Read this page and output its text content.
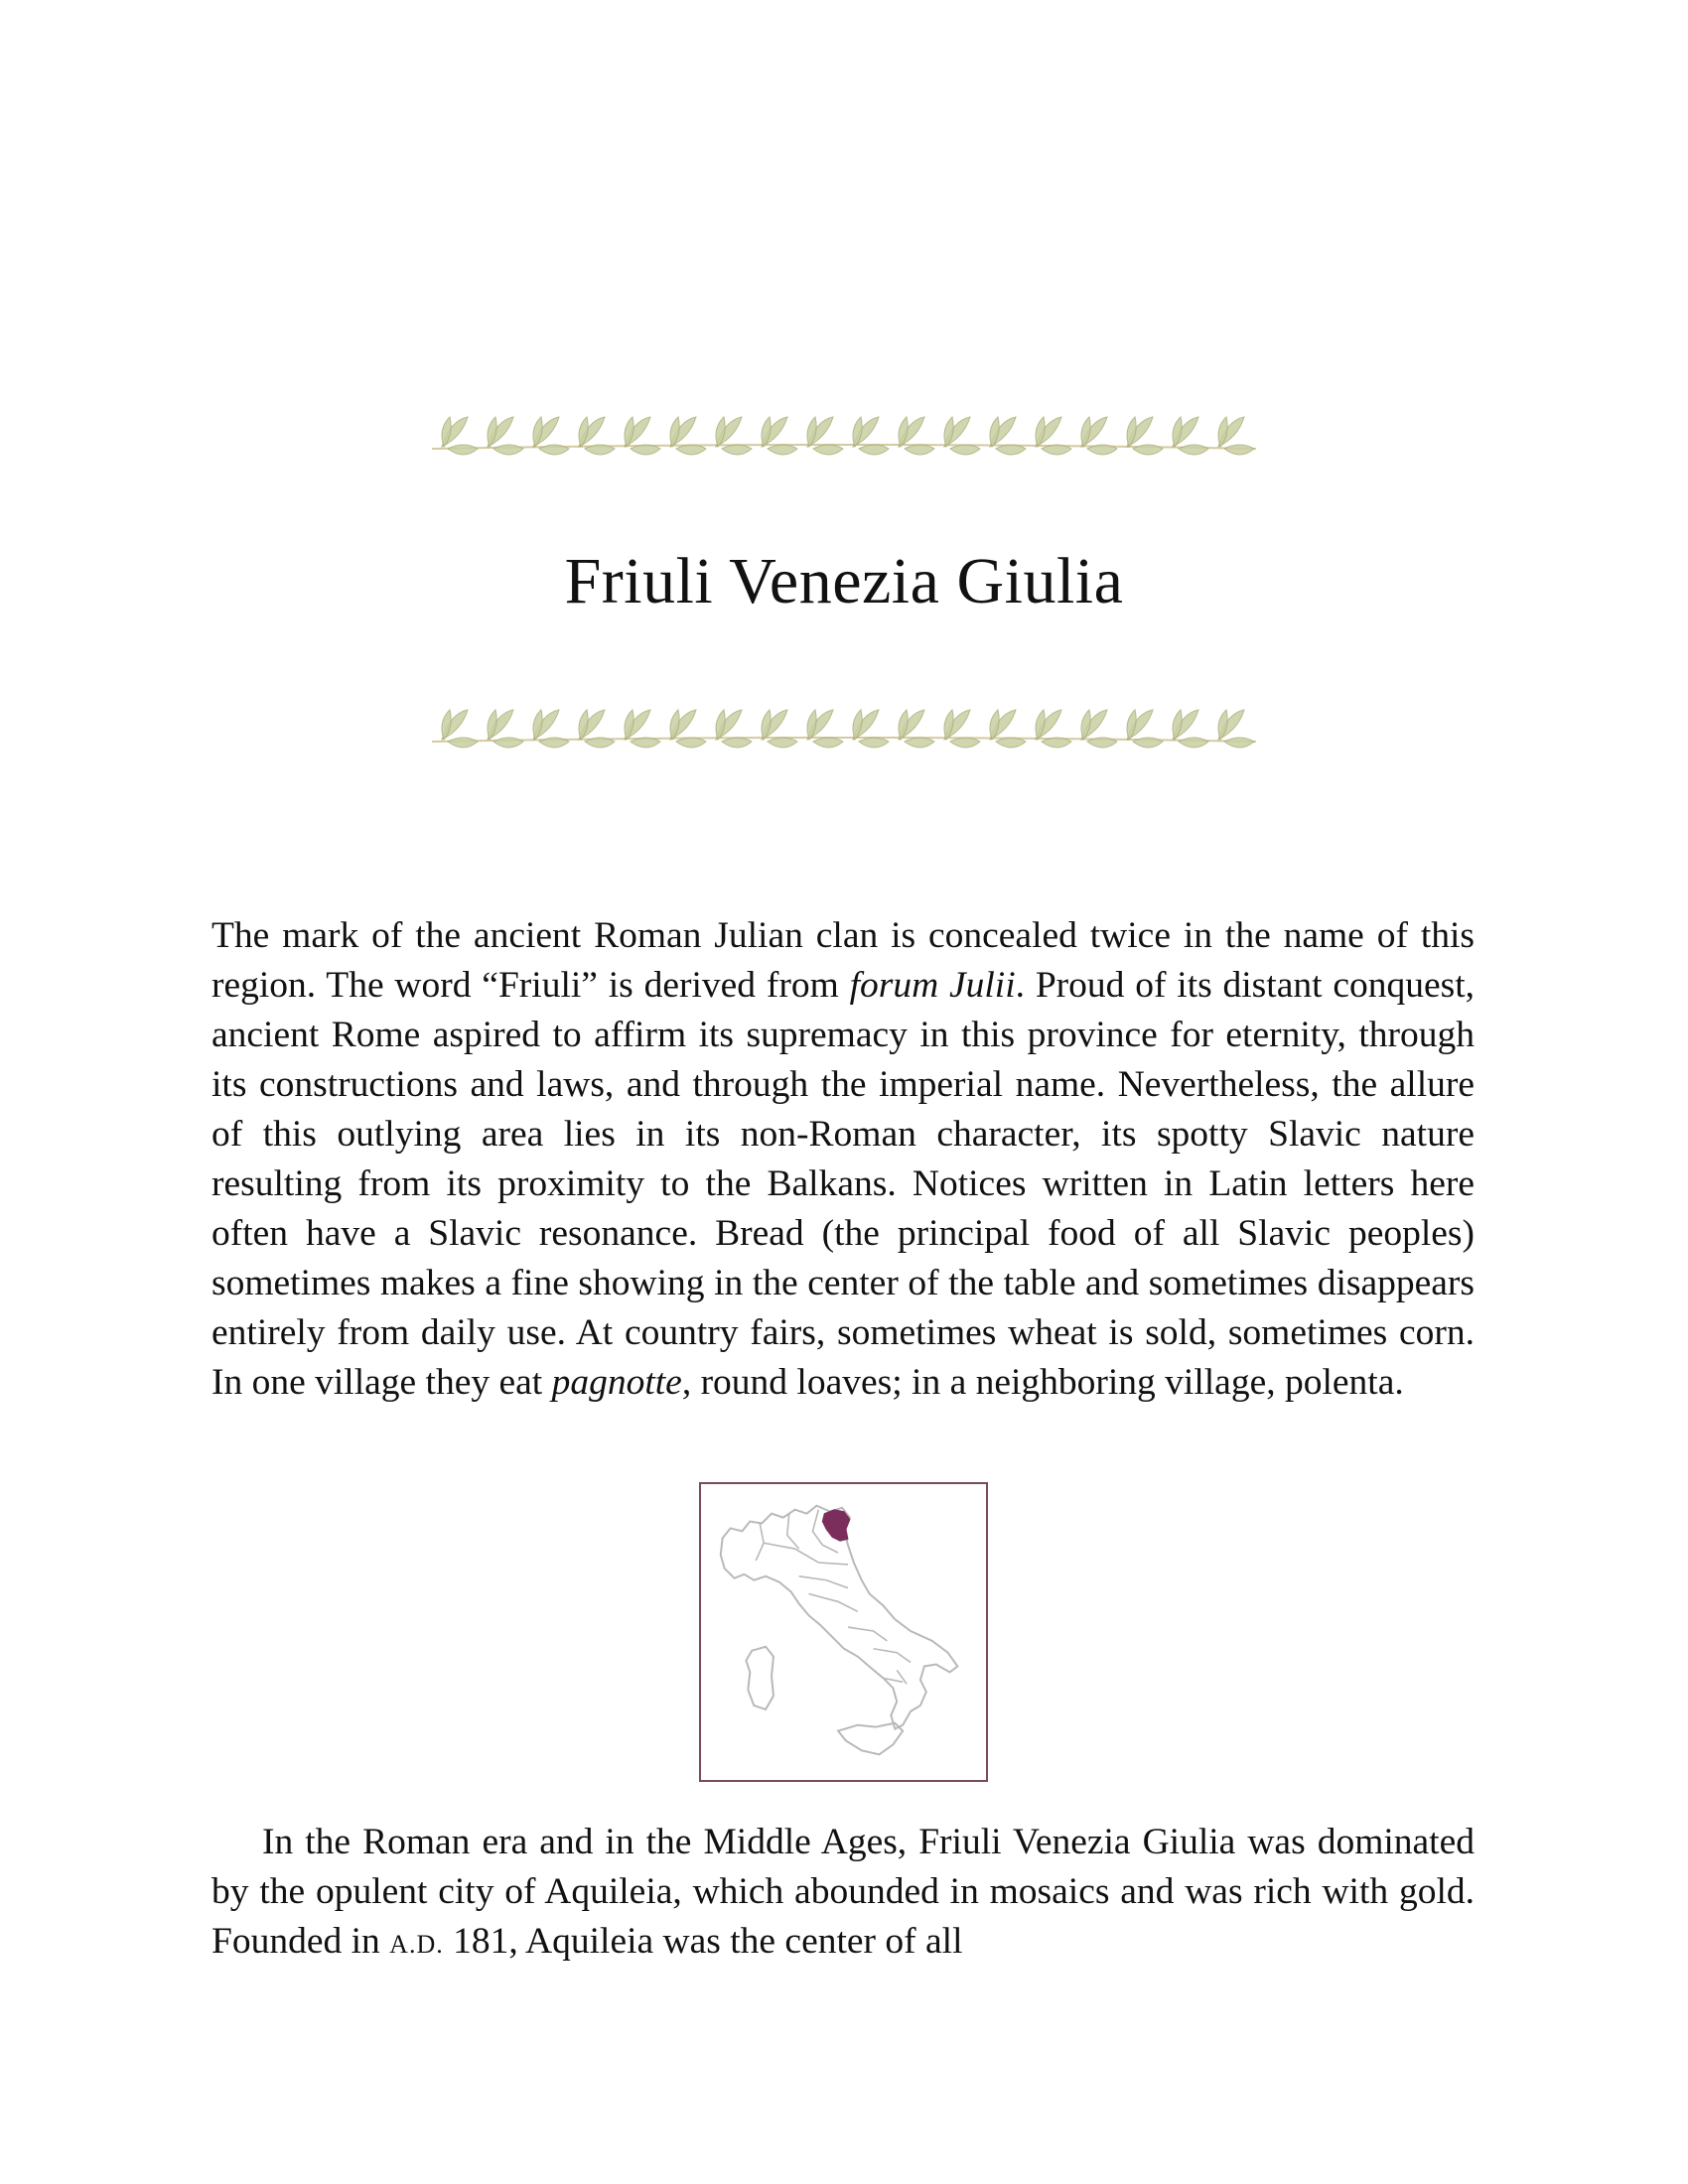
Friuli Venezia Giulia

The mark of the ancient Roman Julian clan is concealed twice in the name of this region. The word “Friuli” is derived from forum Julii. Proud of its distant conquest, ancient Rome aspired to affirm its supremacy in this province for eternity, through its constructions and laws, and through the imperial name. Nevertheless, the allure of this outlying area lies in its non-Roman character, its spotty Slavic nature resulting from its proximity to the Balkans. Notices written in Latin letters here often have a Slavic resonance. Bread (the principal food of all Slavic peoples) sometimes makes a fine showing in the center of the table and sometimes disappears entirely from daily use. At country fairs, sometimes wheat is sold, sometimes corn. In one village they eat pagnotte, round loaves; in a neighboring village, polenta.

In the Roman era and in the Middle Ages, Friuli Venezia Giulia was dominated by the opulent city of Aquileia, which abounded in mosaics and was rich with gold. Founded in A.D. 181, Aquileia was the center of all
